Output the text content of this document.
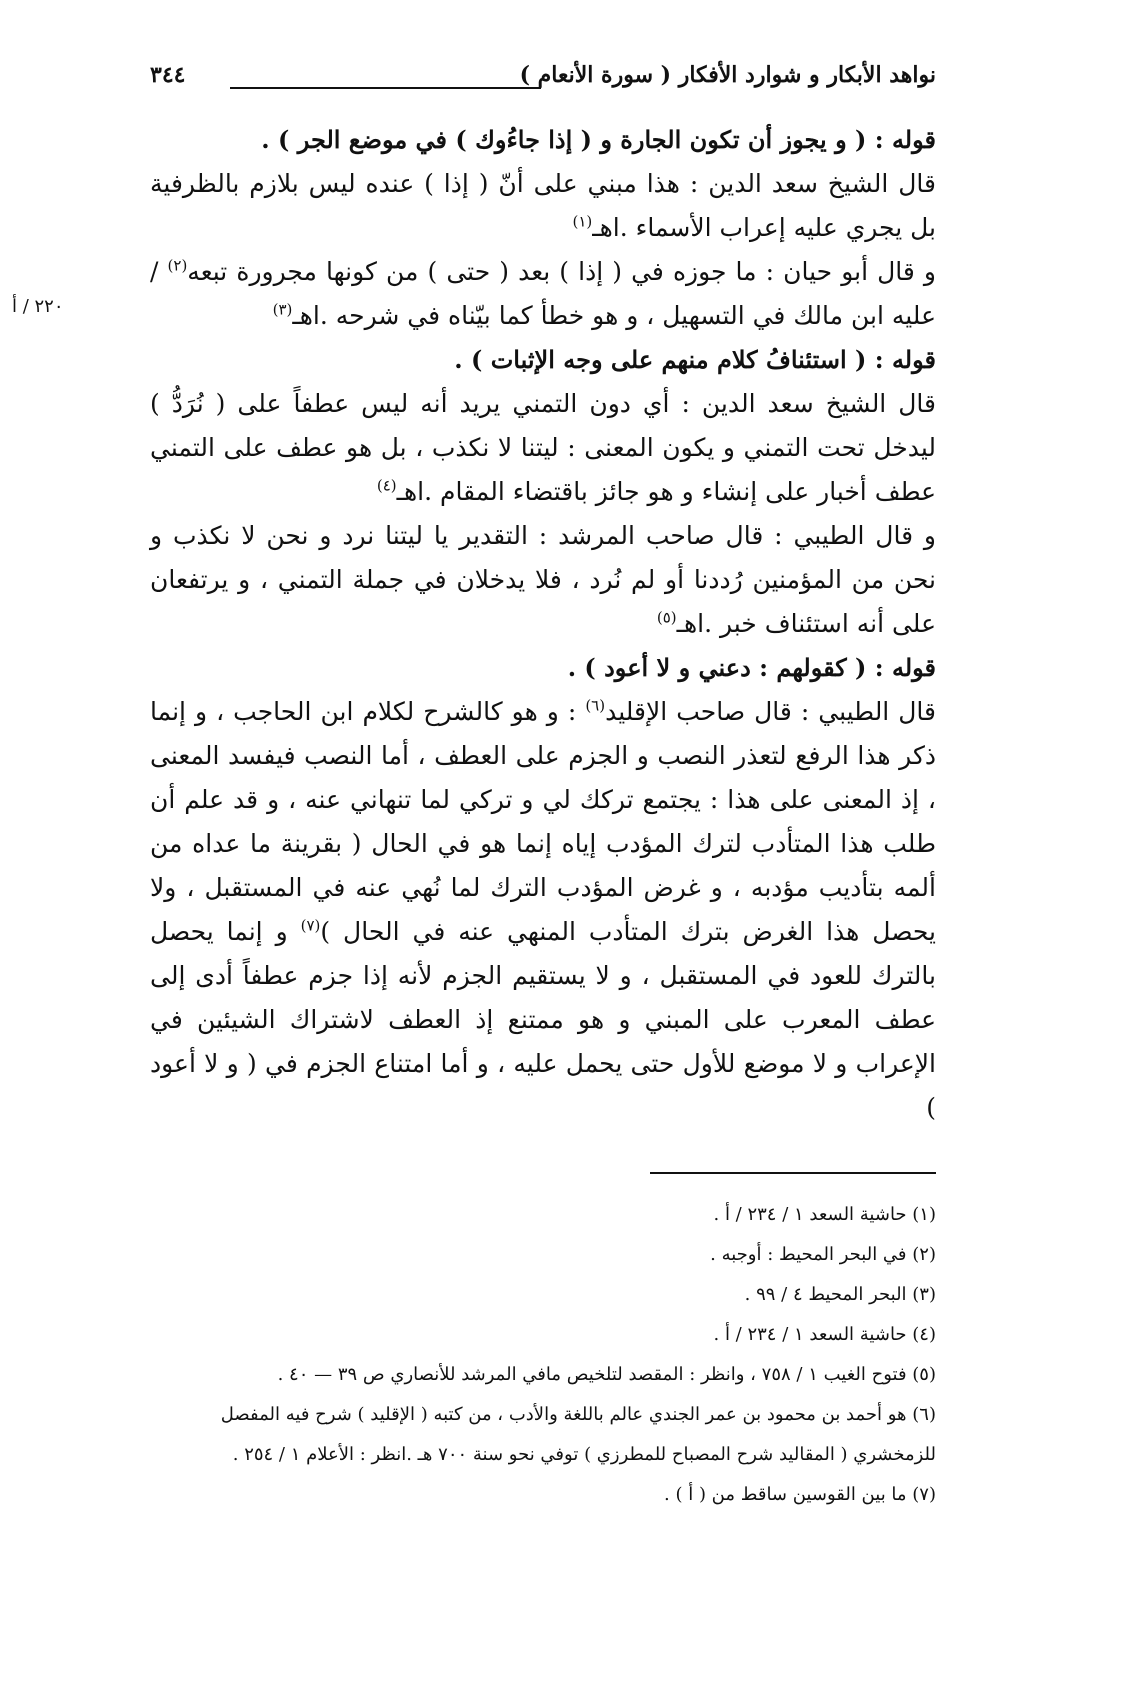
نواهد الأبكار و شوارد الأفكار ( سورة الأنعام )
٣٤٤
٢٢٠ / أ

قوله : ( و يجوز أن تكون الجارة و ( إذا جاءُوك ) في موضع الجر ) .

قال الشيخ سعد الدين : هذا مبني على أنّ ( إذا ) عنده ليس بلازم بالظرفية بل يجري عليه إعراب الأسماء .اهـ$^{(١)}$

و قال أبو حيان : ما جوزه في ( إذا ) بعد ( حتى ) من كونها مجرورة تبعه$^{(٢)}$ / عليه ابن مالك في التسهيل ، و هو خطأ كما بيّناه في شرحه .اهـ$^{(٣)}$

قوله : ( استئنافُ كلام منهم على وجه الإثبات ) .

قال الشيخ سعد الدين : أي دون التمني يريد أنه ليس عطفاً على ( نُرَدُّ ) ليدخل تحت التمني و يكون المعنى : ليتنا لا نكذب ، بل هو عطف على التمني عطف أخبار على إنشاء و هو جائز باقتضاء المقام .اهـ$^{(٤)}$

و قال الطيبي : قال صاحب المرشد : التقدير يا ليتنا نرد و نحن لا نكذب و نحن من المؤمنين رُددنا أو لم نُرد ، فلا يدخلان في جملة التمني ، و يرتفعان على أنه استئناف خبر .اهـ$^{(٥)}$

قوله : ( كقولهم : دعني و لا أعود ) .

قال الطيبي : قال صاحب الإقليد$^{(٦)}$ : و هو كالشرح لكلام ابن الحاجب ، و إنما ذكر هذا الرفع لتعذر النصب و الجزم على العطف ، أما النصب فيفسد المعنى ، إذ المعنى على هذا : يجتمع تركك لي و تركي لما تنهاني عنه ، و قد علم أن طلب هذا المتأدب لترك المؤدب إياه إنما هو في الحال ( بقرينة ما عداه من ألمه بتأديب مؤدبه ، و غرض المؤدب الترك لما نُهي عنه في المستقبل ، ولا يحصل هذا الغرض بترك المتأدب المنهي عنه في الحال )$^{(٧)}$ و إنما يحصل بالترك للعود في المستقبل ، و لا يستقيم الجزم لأنه إذا جزم عطفاً أدى إلى عطف المعرب على المبني و هو ممتنع إذ العطف لاشتراك الشيئين في الإعراب و لا موضع للأول حتى يحمل عليه ، و أما امتناع الجزم في ( و لا أعود )

(١) حاشية السعد ١ / ٢٣٤ / أ .

(٢) في البحر المحيط : أوجبه .

(٣) البحر المحيط ٤ / ٩٩ .

(٤) حاشية السعد ١ / ٢٣٤ / أ .

(٥) فتوح الغيب ١ / ٧٥٨ ، وانظر : المقصد لتلخيص مافي المرشد للأنصاري ص ٣٩ — ٤٠ .

(٦) هو أحمد بن محمود بن عمر الجندي عالم باللغة والأدب ، من كتبه ( الإقليد ) شرح فيه المفصل للزمخشري ( المقاليد شرح المصباح للمطرزي ) توفي نحو سنة ٧٠٠ هـ .انظر : الأعلام ١ / ٢٥٤ .

(٧) ما بين القوسين ساقط من ( أ ) .
